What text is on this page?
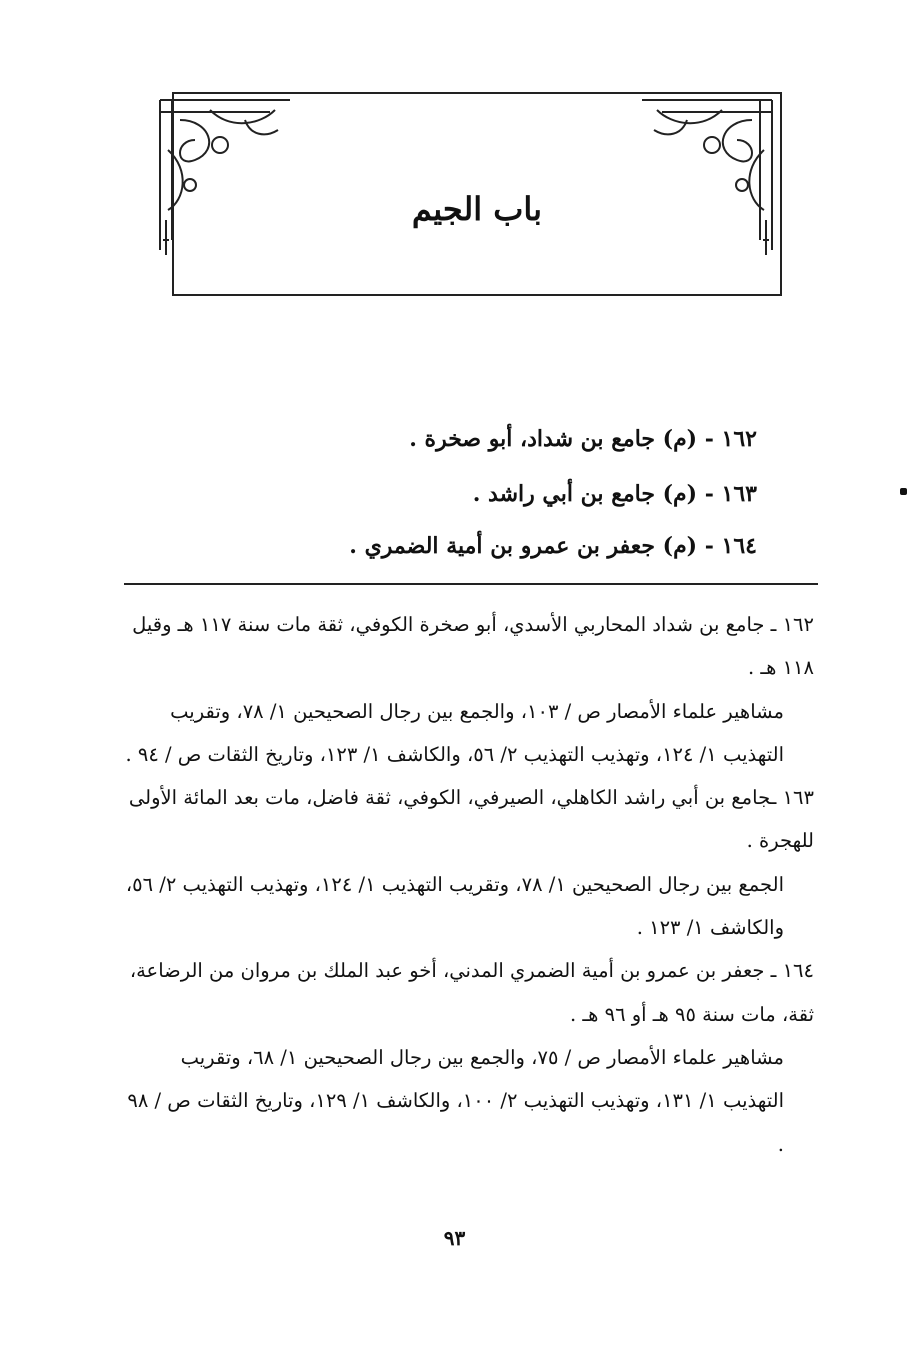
باب الجيم
١٦٢ - (م) جامع بن شداد، أبو صخرة .
١٦٣ - (م) جامع بن أبي راشد .
١٦٤ - (م) جعفر بن عمرو بن أمية الضمري .

١٦٢ ـ جامع بن شداد المحاربي الأسدي، أبو صخرة الكوفي، ثقة مات سنة ١١٧ هـ وقيل ١١٨ هـ .

مشاهير علماء الأمصار ص / ١٠٣، والجمع بين رجال الصحيحين ١/ ٧٨، وتقريب التهذيب ١/ ١٢٤، وتهذيب التهذيب ٢/ ٥٦، والكاشف ١/ ١٢٣، وتاريخ الثقات ص / ٩٤ .

١٦٣ ـجامع بن أبي راشد الكاهلي، الصيرفي، الكوفي، ثقة فاضل، مات بعد المائة الأولى للهجرة .

الجمع بين رجال الصحيحين ١/ ٧٨، وتقريب التهذيب ١/ ١٢٤، وتهذيب التهذيب ٢/ ٥٦، والكاشف ١/ ١٢٣ .

١٦٤ ـ جعفر بن عمرو بن أمية الضمري المدني، أخو عبد الملك بن مروان من الرضاعة، ثقة، مات سنة ٩٥ هـ أو ٩٦ هـ .

مشاهير علماء الأمصار ص / ٧٥، والجمع بين رجال الصحيحين ١/ ٦٨، وتقريب التهذيب ١/ ١٣١، وتهذيب التهذيب ٢/ ١٠٠، والكاشف ١/ ١٢٩، وتاريخ الثقات ص / ٩٨ .

٩٣
